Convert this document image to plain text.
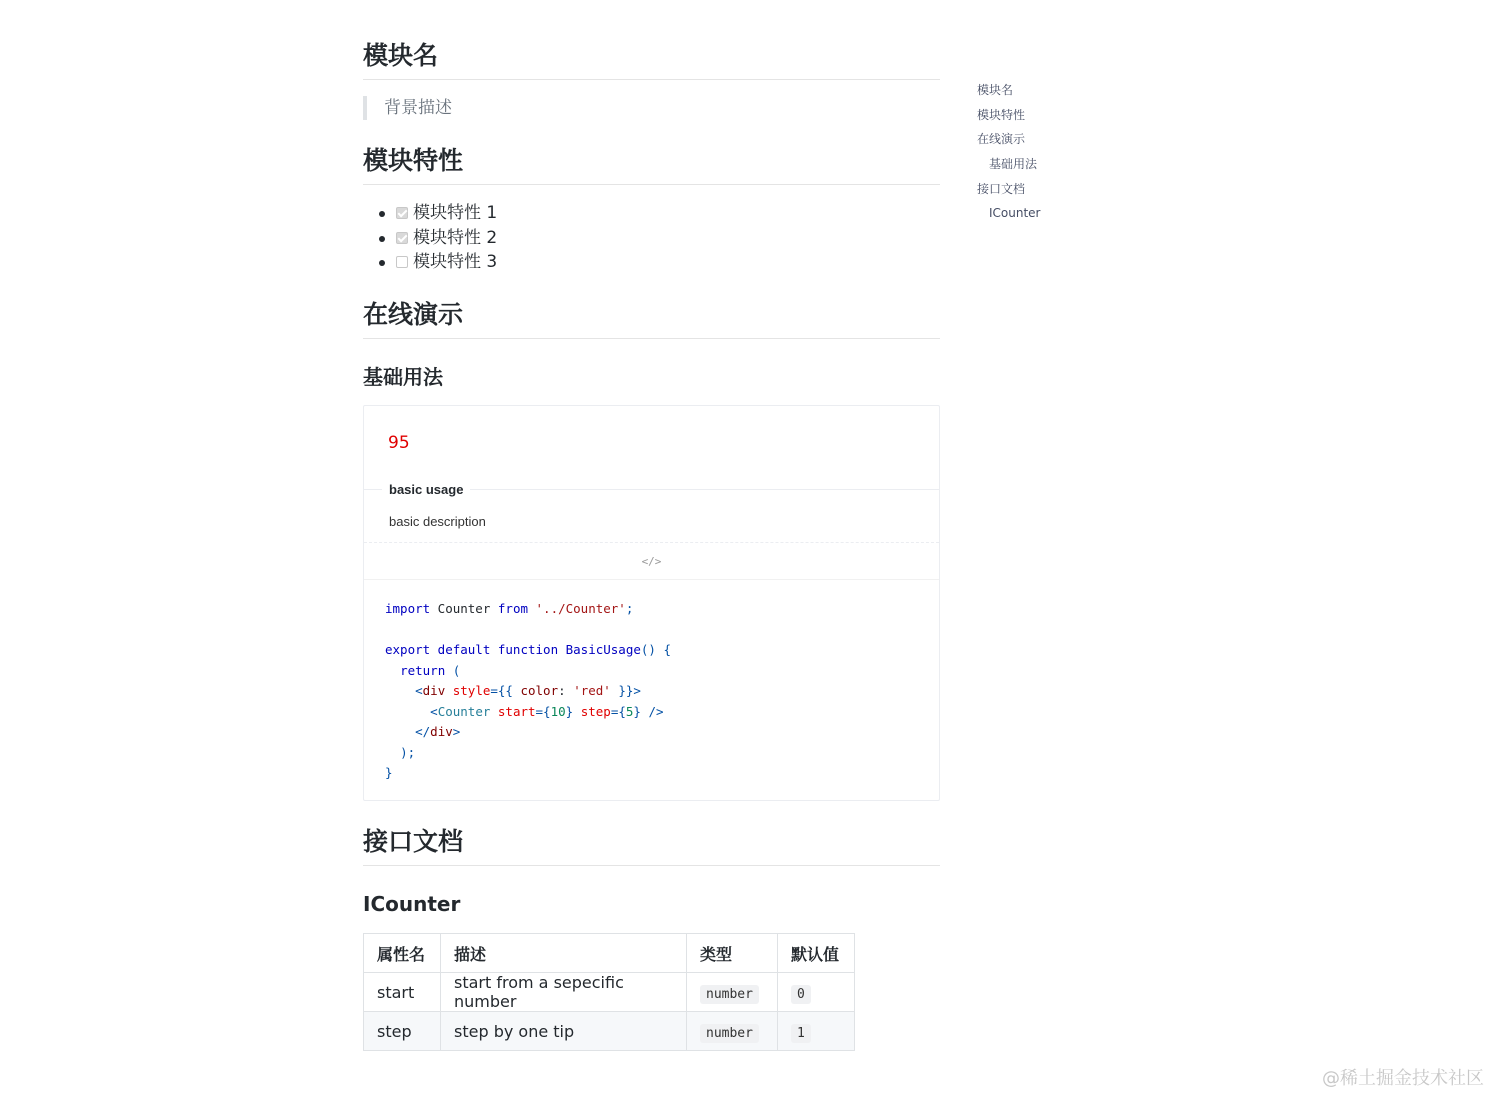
模块名
背景描述
模块特性
模块特性 1
模块特性 2
模块特性 3
在线演示
基础用法
95
basic usage
basic description
</>
import Counter from '../Counter';

export default function BasicUsage() {
return (
<div style={{ color: 'red' }}>
<Counter start={10} step={5} />
</div>
);
}
接口文档
ICounter
属性名	描述	类型	默认值
start	start from a sepecific number	number	0
step	step by one tip	number	1
模块名
模块特性
在线演示
基础用法
接口文档
ICounter
@稀土掘金技术社区
